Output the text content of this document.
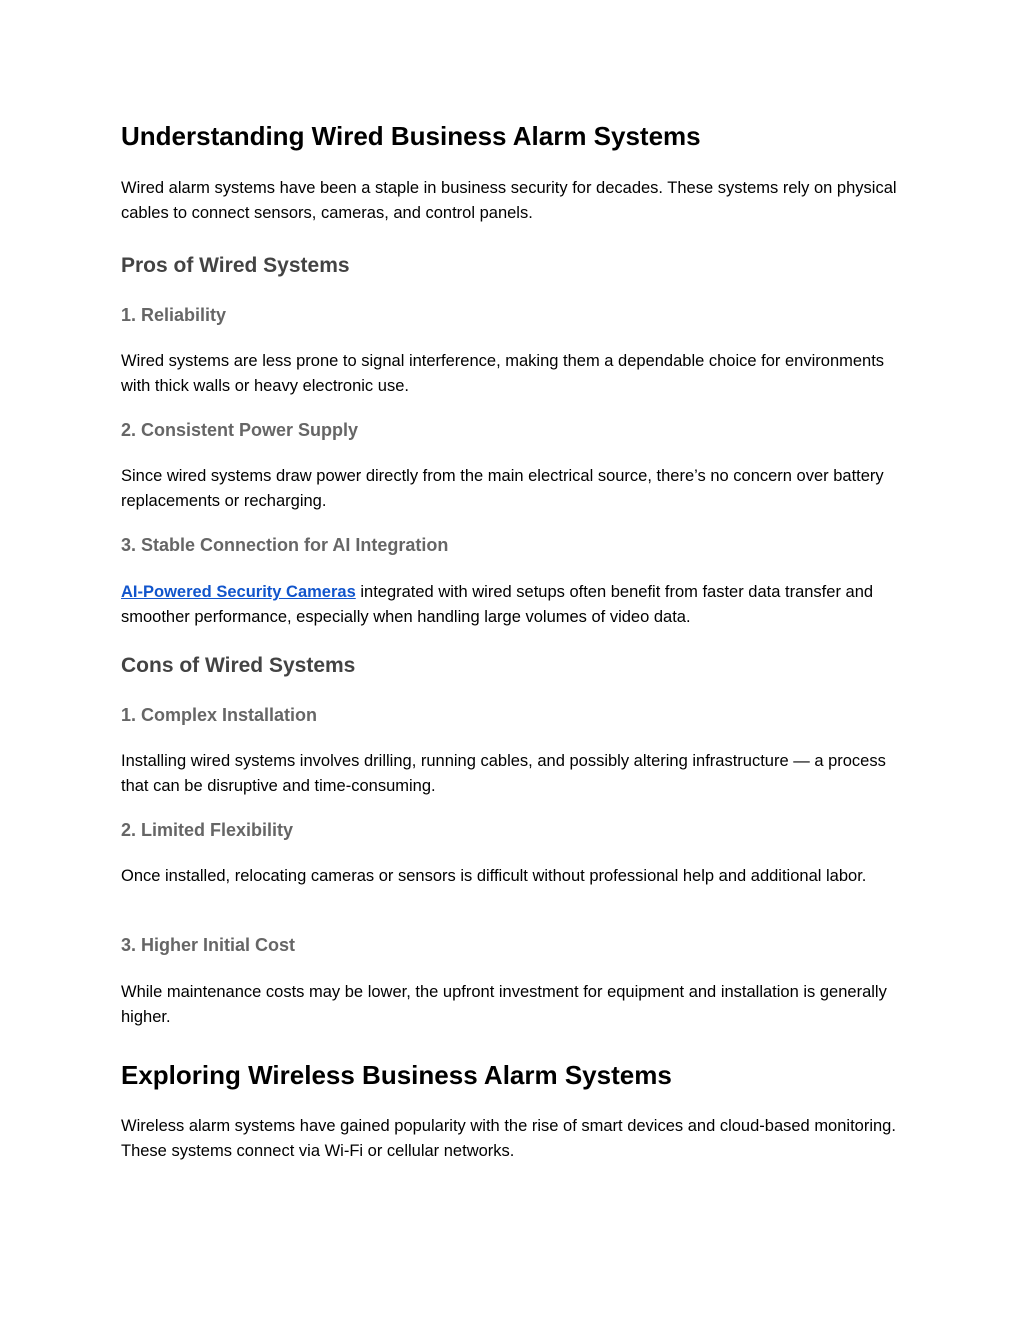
Understanding Wired Business Alarm Systems

Wired alarm systems have been a staple in business security for decades. These systems rely on physical cables to connect sensors, cameras, and control panels.

Pros of Wired Systems
1. Reliability

Wired systems are less prone to signal interference, making them a dependable choice for environments with thick walls or heavy electronic use.

2. Consistent Power Supply

Since wired systems draw power directly from the main electrical source, there’s no concern over battery replacements or recharging.

3. Stable Connection for AI Integration

AI-Powered Security Cameras integrated with wired setups often benefit from faster data transfer and smoother performance, especially when handling large volumes of video data.

Cons of Wired Systems
1. Complex Installation

Installing wired systems involves drilling, running cables, and possibly altering infrastructure — a process that can be disruptive and time-consuming.

2. Limited Flexibility

Once installed, relocating cameras or sensors is difficult without professional help and additional labor.

3. Higher Initial Cost

While maintenance costs may be lower, the upfront investment for equipment and installation is generally higher.

Exploring Wireless Business Alarm Systems

Wireless alarm systems have gained popularity with the rise of smart devices and cloud-based monitoring. These systems connect via Wi-Fi or cellular networks.
